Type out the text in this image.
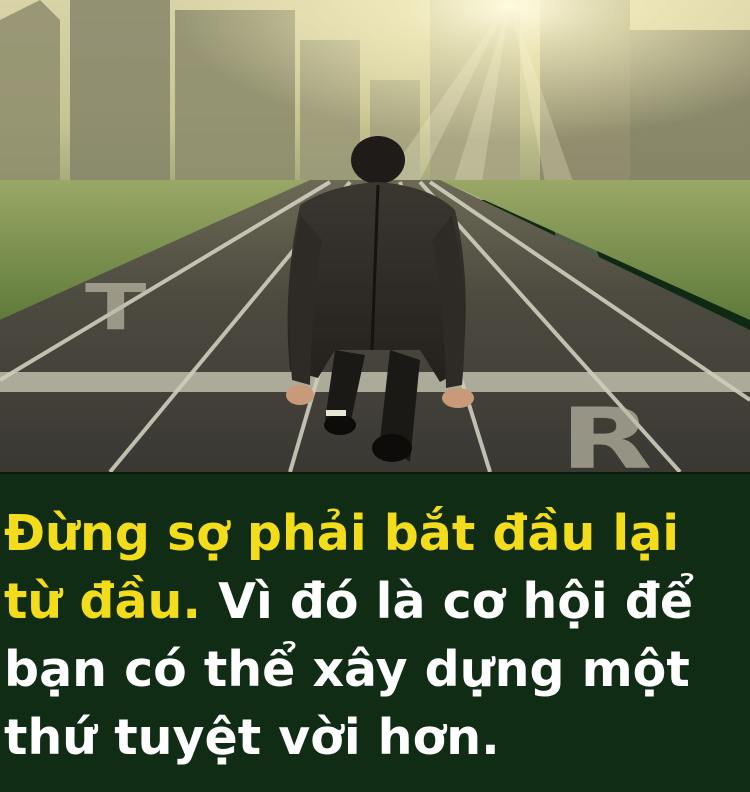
T
R
Đừng sợ phải bắt đầu lại
từ đầu. Vì đó là cơ hội để
bạn có thể xây dựng một
thứ tuyệt vời hơn.
